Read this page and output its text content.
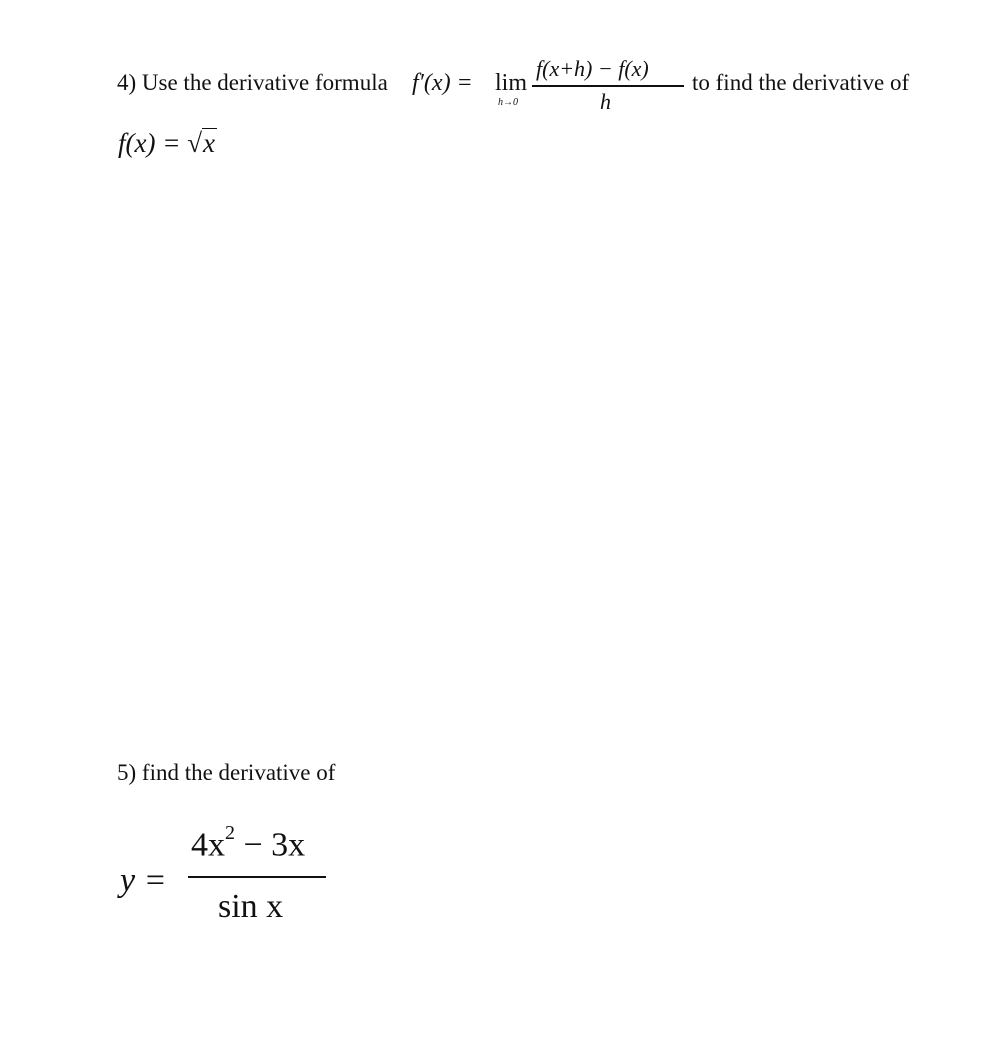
4) Use the derivative formula f′(x) = lim
h→0
f(x+h) − f(x)
h
to find the derivative of
f(x) = √x
5) find the derivative of
y =
$4x^2 - 3x$
sin x
